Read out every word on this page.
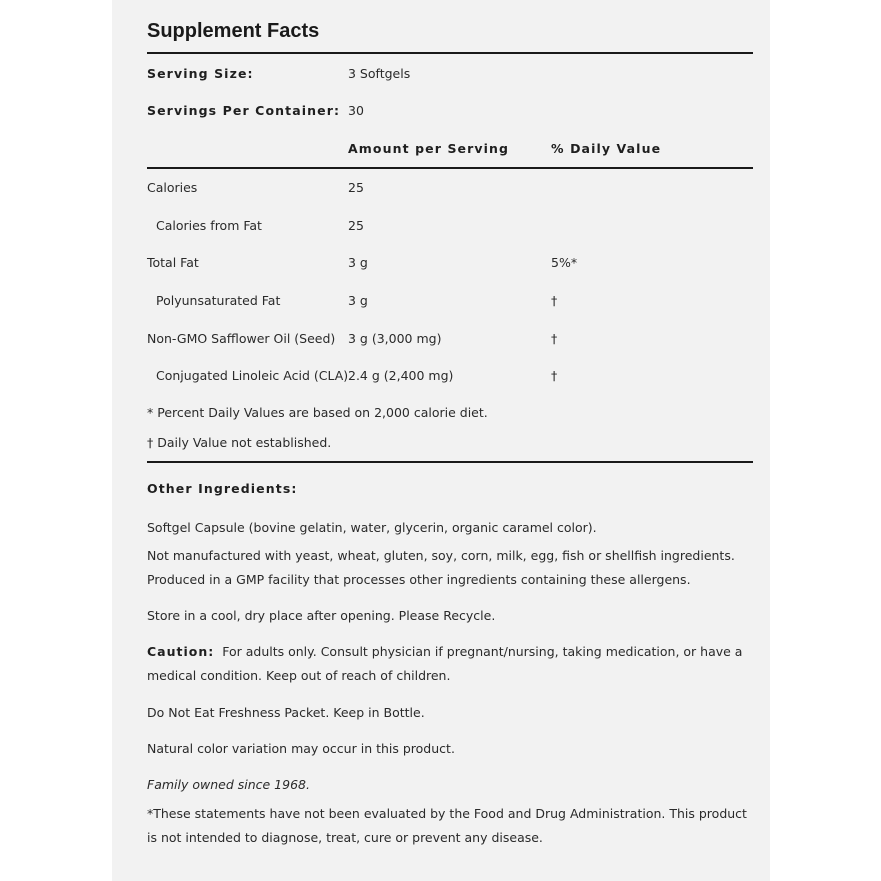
Supplement Facts
Serving Size:	3 Softgels
Servings Per Container: 30
Amount per Serving	% Daily Value
Calories	25
Calories from Fat	25
Total Fat	3 g	5%*
Polyunsaturated Fat	3 g	†
Non-GMO Safflower Oil (Seed) 3 g (3,000 mg)	†
Conjugated Linoleic Acid (CLA) 2.4 g (2,400 mg)	†
* Percent Daily Values are based on 2,000 calorie diet.
† Daily Value not established.
Other Ingredients:
Softgel Capsule (bovine gelatin, water, glycerin, organic caramel color).
Not manufactured with yeast, wheat, gluten, soy, corn, milk, egg, fish or shellfish ingredients. Produced in a GMP facility that processes other ingredients containing these allergens.
Store in a cool, dry place after opening. Please Recycle.
Caution: For adults only. Consult physician if pregnant/nursing, taking medication, or have a medical condition. Keep out of reach of children.
Do Not Eat Freshness Packet. Keep in Bottle.
Natural color variation may occur in this product.
Family owned since 1968.
*These statements have not been evaluated by the Food and Drug Administration. This product is not intended to diagnose, treat, cure or prevent any disease.
